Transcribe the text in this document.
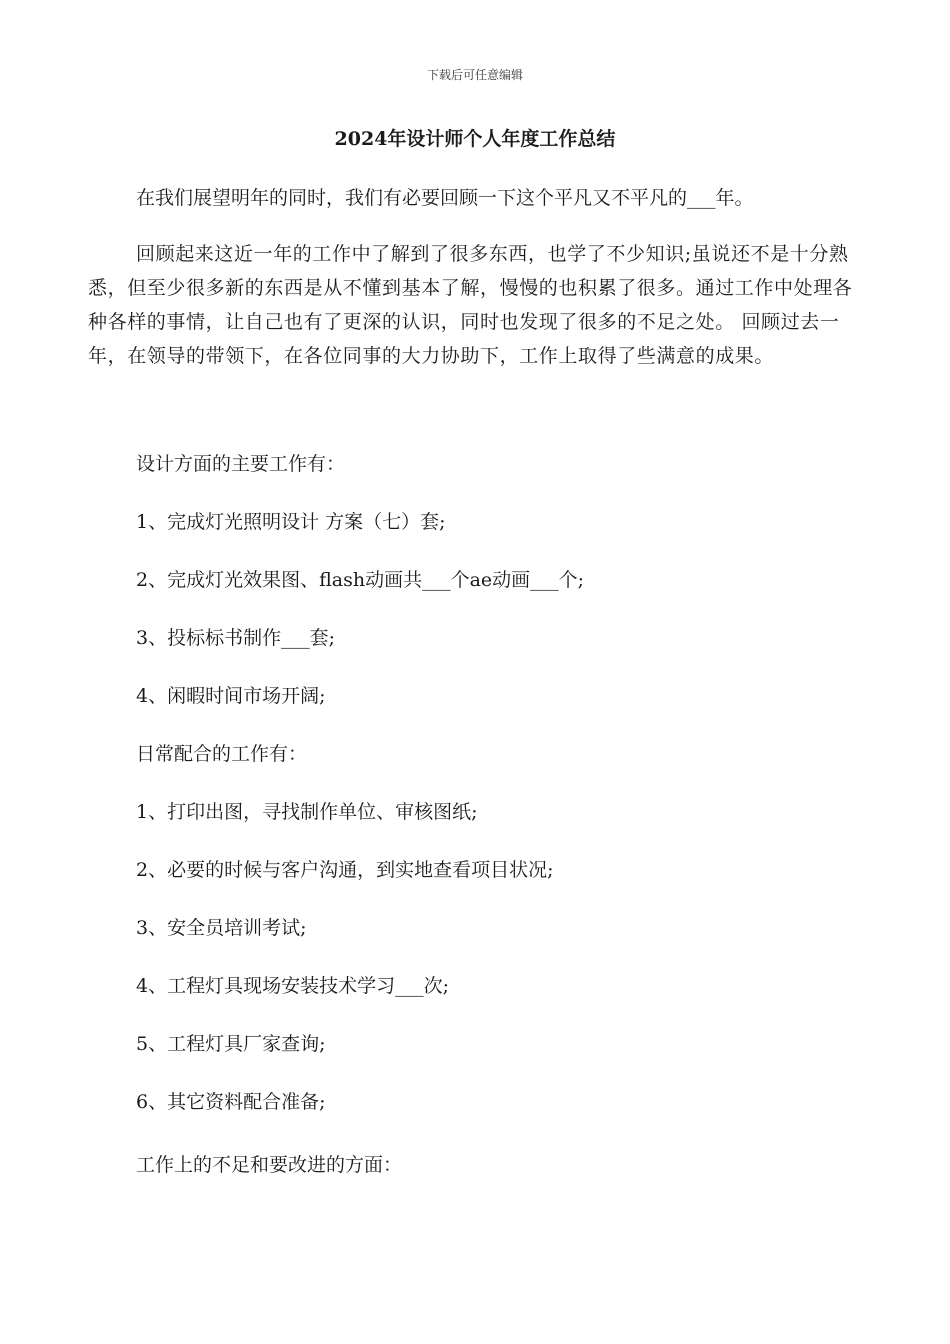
下载后可任意编辑
2024年设计师个人年度工作总结
在我们展望明年的同时，我们有必要回顾一下这个平凡又不平凡的___年。
回顾起来这近一年的工作中了解到了很多东西，也学了不少知识;虽说还不是十分熟悉，但至少很多新的东西是从不懂到基本了解，慢慢的也积累了很多。通过工作中处理各种各样的事情，让自己也有了更深的认识，同时也发现了很多的不足之处。 回顾过去一年，在领导的带领下，在各位同事的大力协助下，工作上取得了些满意的成果。
设计方面的主要工作有：
1、完成灯光照明设计 方案（七）套;
2、完成灯光效果图、flash动画共___个ae动画___个;
3、投标标书制作___套;
4、闲暇时间市场开阔;
日常配合的工作有：
1、打印出图，寻找制作单位、审核图纸;
2、必要的时候与客户沟通，到实地查看项目状况;
3、安全员培训考试;
4、工程灯具现场安装技术学习___次;
5、工程灯具厂家查询;
6、其它资料配合准备;
工作上的不足和要改进的方面：
